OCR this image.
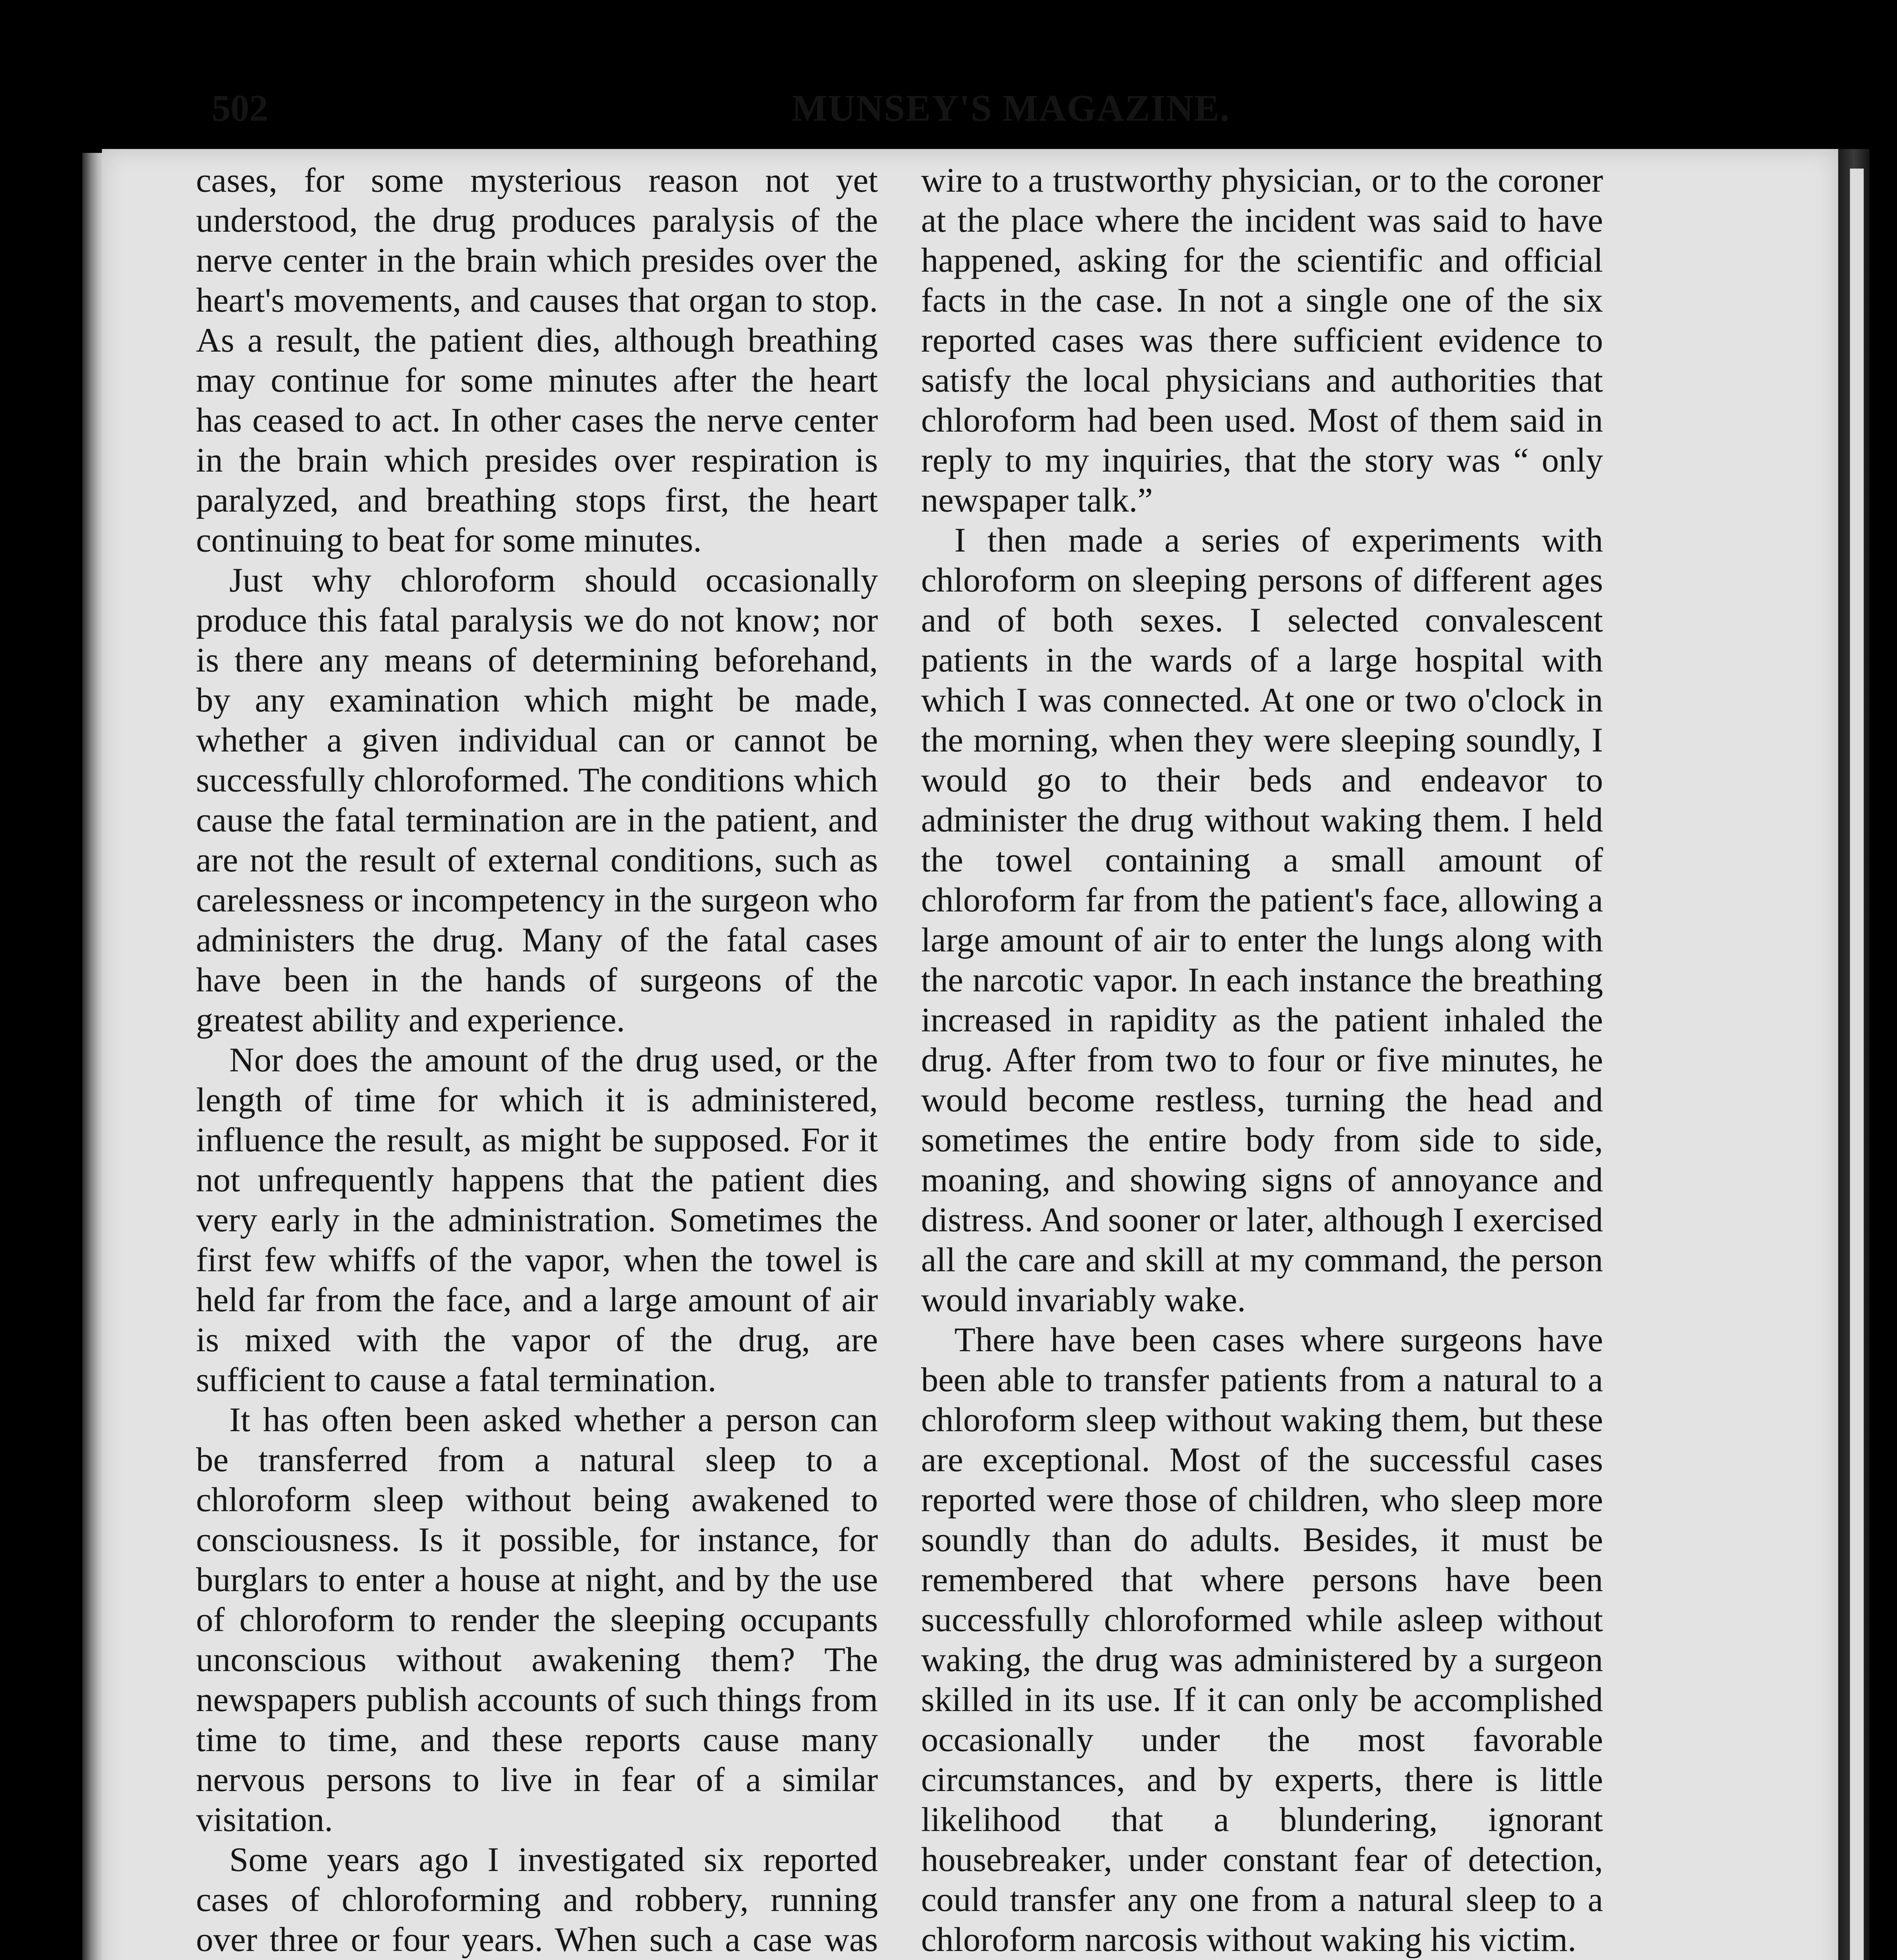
502	MUNSEY'S MAGAZINE.

cases, for some mysterious reason not yet understood, the drug produces paralysis of the nerve center in the brain which presides over the heart's movements, and causes that organ to stop. As a result, the patient dies, although breathing may continue for some minutes after the heart has ceased to act. In other cases the nerve center in the brain which presides over respiration is paralyzed, and breathing stops first, the heart continuing to beat for some minutes.

Just why chloroform should occasionally produce this fatal paralysis we do not know; nor is there any means of determining beforehand, by any examination which might be made, whether a given individual can or cannot be successfully chloroformed. The conditions which cause the fatal termination are in the patient, and are not the result of external conditions, such as carelessness or incompetency in the surgeon who administers the drug. Many of the fatal cases have been in the hands of surgeons of the greatest ability and experience.

Nor does the amount of the drug used, or the length of time for which it is administered, influence the result, as might be supposed. For it not unfrequently happens that the patient dies very early in the administration. Sometimes the first few whiffs of the vapor, when the towel is held far from the face, and a large amount of air is mixed with the vapor of the drug, are sufficient to cause a fatal termination.

It has often been asked whether a person can be transferred from a natural sleep to a chloroform sleep without being awakened to consciousness. Is it possible, for instance, for burglars to enter a house at night, and by the use of chloroform to render the sleeping occupants unconscious without awakening them? The newspapers publish accounts of such things from time to time, and these reports cause many nervous persons to live in fear of a similar visitation.

Some years ago I investigated six reported cases of chloroforming and robbery, running over three or four years. When such a case was

wire to a trustworthy physician, or to the coroner at the place where the incident was said to have happened, asking for the scientific and official facts in the case. In not a single one of the six reported cases was there sufficient evidence to satisfy the local physicians and authorities that chloroform had been used. Most of them said in reply to my inquiries, that the story was “ only newspaper talk.”

I then made a series of experiments with chloroform on sleeping persons of different ages and of both sexes. I selected convalescent patients in the wards of a large hospital with which I was connected. At one or two o'clock in the morning, when they were sleeping soundly, I would go to their beds and endeavor to administer the drug without waking them. I held the towel containing a small amount of chloroform far from the patient's face, allowing a large amount of air to enter the lungs along with the narcotic vapor. In each instance the breathing increased in rapidity as the patient inhaled the drug. After from two to four or five minutes, he would become restless, turning the head and sometimes the entire body from side to side, moaning, and showing signs of annoyance and distress. And sooner or later, although I exercised all the care and skill at my command, the person would invariably wake.

There have been cases where surgeons have been able to transfer patients from a natural to a chloroform sleep without waking them, but these are exceptional. Most of the successful cases reported were those of children, who sleep more soundly than do adults. Besides, it must be remembered that where persons have been successfully chloroformed while asleep without waking, the drug was administered by a surgeon skilled in its use. If it can only be accomplished occasionally under the most favorable circumstances, and by experts, there is little likelihood that a blundering, ignorant housebreaker, under constant fear of detection, could transfer any one from a natural sleep to a chloroform narcosis without waking his victim.
